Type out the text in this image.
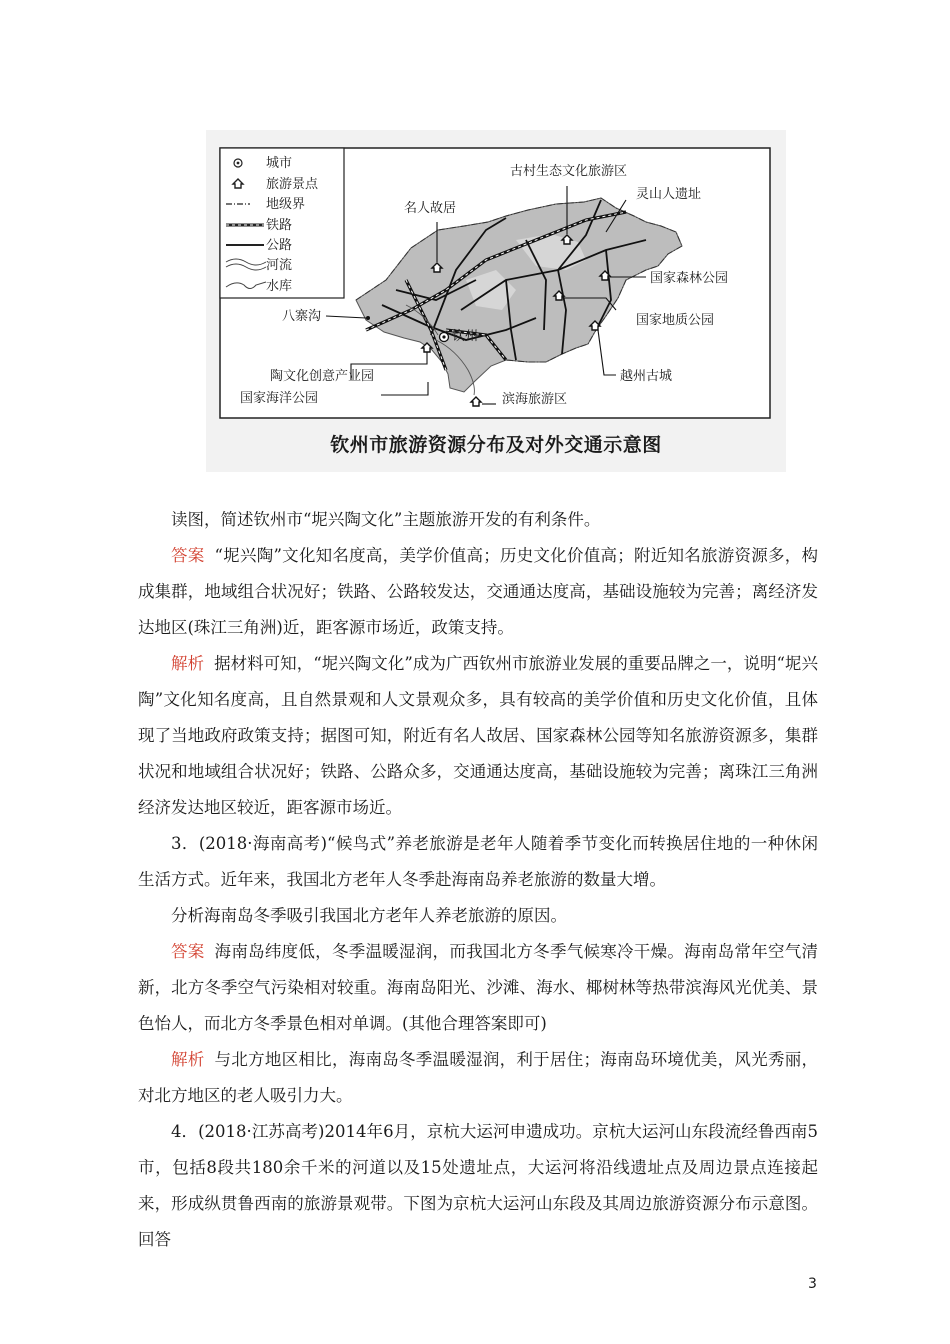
城市
旅游景点
地级界
铁路
公路
河流
水库
古村生态文化旅游区
灵山人遗址
名人故居
国家森林公园
国家地质公园
八寨沟
钦州
陶文化创意产业园
国家海洋公园	滨海旅游区
越州古城
钦州市旅游资源分布及对外交通示意图
读图，简述钦州市“坭兴陶文化”主题旅游开发的有利条件。
答案 “坭兴陶”文化知名度高，美学价值高；历史文化价值高；附近知名旅游资源多，构成集群，地域组合状况好；铁路、公路较发达，交通通达度高，基础设施较为完善；离经济发达地区(珠江三角洲)近，距客源市场近，政策支持。
解析 据材料可知，“坭兴陶文化”成为广西钦州市旅游业发展的重要品牌之一，说明“坭兴陶”文化知名度高，且自然景观和人文景观众多，具有较高的美学价值和历史文化价值，且体现了当地政府政策支持；据图可知，附近有名人故居、国家森林公园等知名旅游资源多，集群状况和地域组合状况好；铁路、公路众多，交通通达度高，基础设施较为完善；离珠江三角洲经济发达地区较近，距客源市场近。
3．(2018·海南高考)“候鸟式”养老旅游是老年人随着季节变化而转换居住地的一种休闲生活方式。近年来，我国北方老年人冬季赴海南岛养老旅游的数量大增。
分析海南岛冬季吸引我国北方老年人养老旅游的原因。
答案 海南岛纬度低，冬季温暖湿润，而我国北方冬季气候寒冷干燥。海南岛常年空气清新，北方冬季空气污染相对较重。海南岛阳光、沙滩、海水、椰树林等热带滨海风光优美、景色怡人，而北方冬季景色相对单调。(其他合理答案即可)
解析 与北方地区相比，海南岛冬季温暖湿润，利于居住；海南岛环境优美，风光秀丽，对北方地区的老人吸引力大。
4．(2018·江苏高考)2014年6月，京杭大运河申遗成功。京杭大运河山东段流经鲁西南5市，包括8段共180余千米的河道以及15处遗址点，大运河将沿线遗址点及周边景点连接起来，形成纵贯鲁西南的旅游景观带。下图为京杭大运河山东段及其周边旅游资源分布示意图。回答
3
